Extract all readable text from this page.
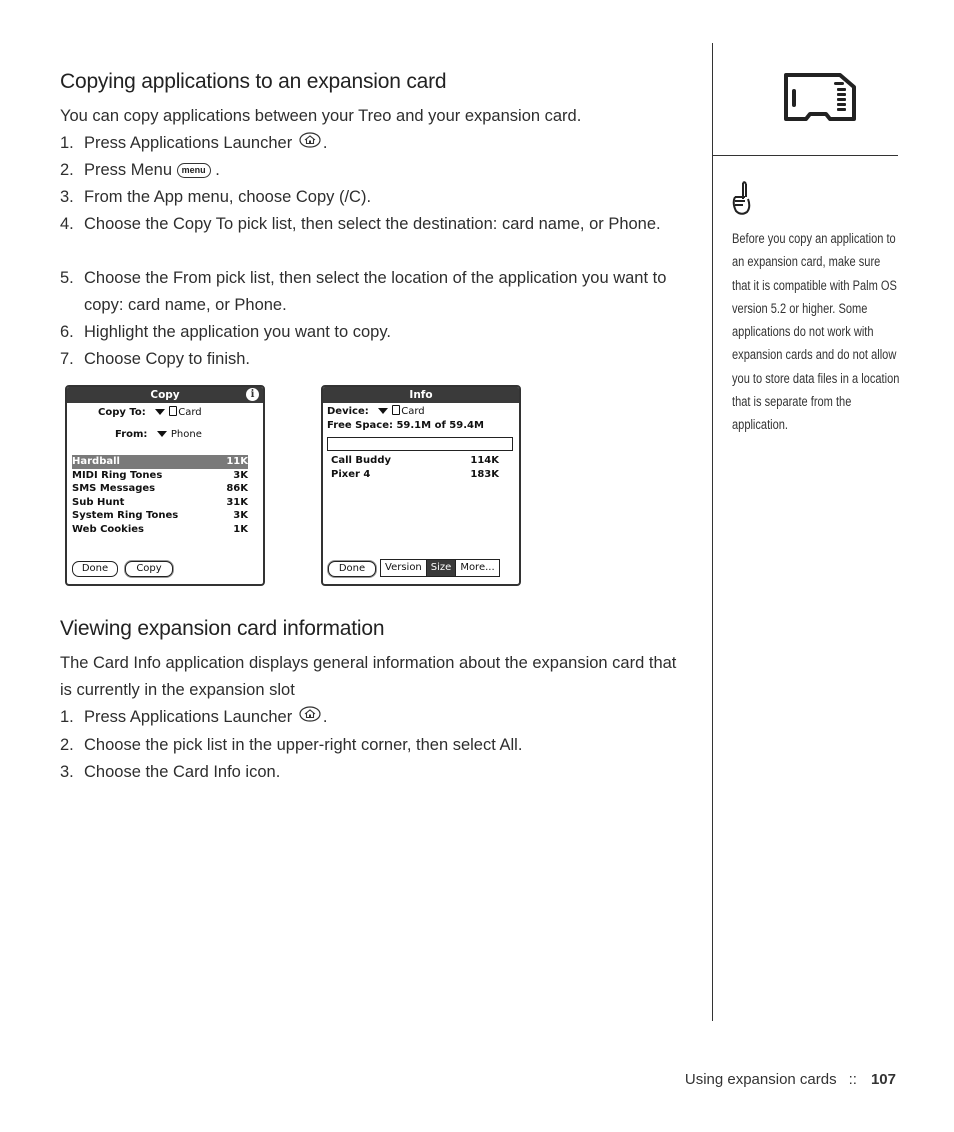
Copying applications to an expansion card
You can copy applications between your Treo and your expansion card.
1. Press Applications Launcher .
2. Press Menu menu .
3. From the App menu, choose Copy (/C).
4. Choose the Copy To pick list, then select the destination: card name, or Phone.
5. Choose the From pick list, then select the location of the application you want to copy: card name, or Phone.
6. Highlight the application you want to copy.
7. Choose Copy to finish.
Copy	i
Copy To:	Card
From: Phone
Hardball	11K
MIDI Ring Tones	3K
SMS Messages	86K
Sub Hunt	31K
System Ring Tones	3K
Web Cookies	1K
Done	Copy
Info
Device:	Card
Free Space: 59.1M of 59.4M
Call Buddy	114K
Pixer 4	183K
Done	Version Size More...
Viewing expansion card information
The Card Info application displays general information about the expansion card that is currently in the expansion slot
1. Press Applications Launcher .
2. Choose the pick list in the upper-right corner, then select All.
3. Choose the Card Info icon.
Before you copy an application to an expansion card, make sure that it is compatible with Palm OS version 5.2 or higher. Some applications do not work with expansion cards and do not allow you to store data files in a location that is separate from the application.
Using expansion cards :: 107
